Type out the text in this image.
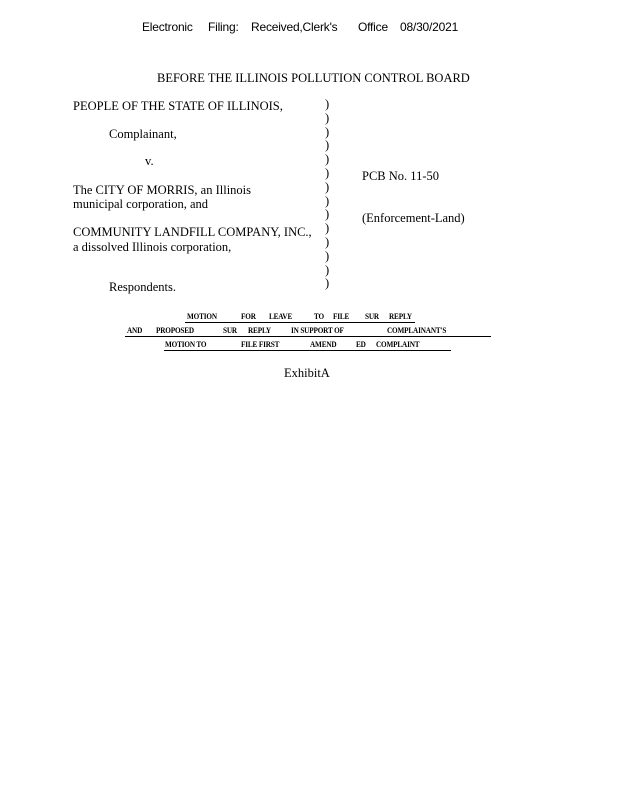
Electronic Filing: Received,Clerk's Office 08/30/2021
BEFORE THE ILLINOIS POLLUTION CONTROL BOARD
PEOPLE OF THE STATE OF ILLINOIS,
Complainant,
v.
The CITY OF MORRIS, an Illinois
municipal corporation, and
COMMUNITY LANDFILL COMPANY, INC.,
a dissolved Illinois corporation,
Respondents.
)
)
)
)
)
)
)
)
)
)
)
)
)
)
PCB No. 11-50
(Enforcement-Land)
MOTION	FOR LEAVE	TO FILE SUR REPLY
AND PROPOSED	SUR REPLY IN SUPPORT OF	COMPLAINANT'S
MOTION TO	FILE FIRST	AMEND ED COMPLAINT
ExhibitA
